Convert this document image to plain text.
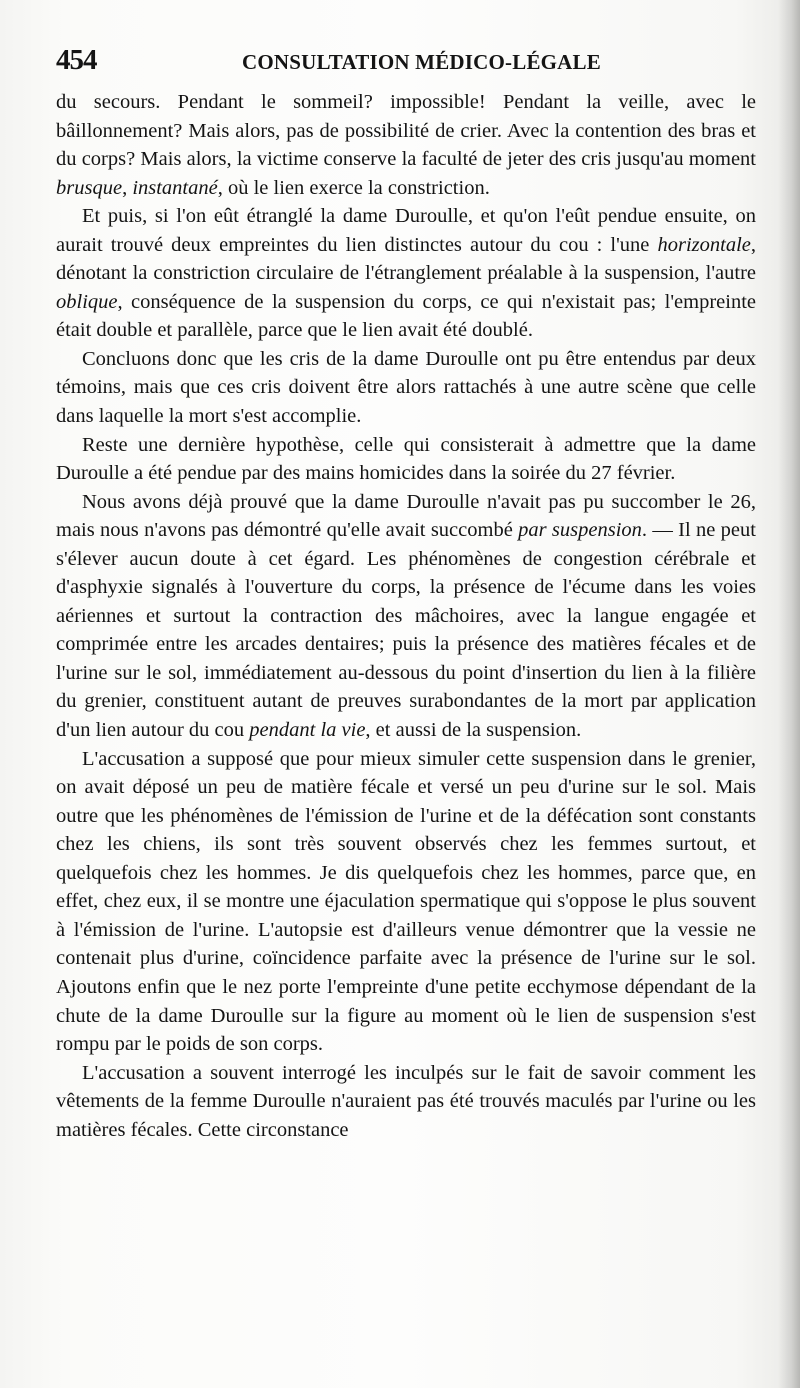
454	CONSULTATION MÉDICO-LÉGALE

du secours. Pendant le sommeil? impossible! Pendant la veille, avec le bâillonnement? Mais alors, pas de possibilité de crier. Avec la contention des bras et du corps? Mais alors, la victime conserve la faculté de jeter des cris jusqu'au moment brusque, instantané, où le lien exerce la constriction.

Et puis, si l'on eût étranglé la dame Duroulle, et qu'on l'eût pendue ensuite, on aurait trouvé deux empreintes du lien distinctes autour du cou : l'une horizontale, dénotant la constriction circulaire de l'étranglement préalable à la suspension, l'autre oblique, conséquence de la suspension du corps, ce qui n'existait pas; l'empreinte était double et parallèle, parce que le lien avait été doublé.

Concluons donc que les cris de la dame Duroulle ont pu être entendus par deux témoins, mais que ces cris doivent être alors rattachés à une autre scène que celle dans laquelle la mort s'est accomplie.

Reste une dernière hypothèse, celle qui consisterait à admettre que la dame Duroulle a été pendue par des mains homicides dans la soirée du 27 février.

Nous avons déjà prouvé que la dame Duroulle n'avait pas pu succomber le 26, mais nous n'avons pas démontré qu'elle avait succombé par suspension. — Il ne peut s'élever aucun doute à cet égard. Les phénomènes de congestion cérébrale et d'asphyxie signalés à l'ouverture du corps, la présence de l'écume dans les voies aériennes et surtout la contraction des mâchoires, avec la langue engagée et comprimée entre les arcades dentaires; puis la présence des matières fécales et de l'urine sur le sol, immédiatement au-dessous du point d'insertion du lien à la filière du grenier, constituent autant de preuves surabondantes de la mort par application d'un lien autour du cou pendant la vie, et aussi de la suspension.

L'accusation a supposé que pour mieux simuler cette suspension dans le grenier, on avait déposé un peu de matière fécale et versé un peu d'urine sur le sol. Mais outre que les phénomènes de l'émission de l'urine et de la défécation sont constants chez les chiens, ils sont très souvent observés chez les femmes surtout, et quelquefois chez les hommes. Je dis quelquefois chez les hommes, parce que, en effet, chez eux, il se montre une éjaculation spermatique qui s'oppose le plus souvent à l'émission de l'urine. L'autopsie est d'ailleurs venue démontrer que la vessie ne contenait plus d'urine, coïncidence parfaite avec la présence de l'urine sur le sol. Ajoutons enfin que le nez porte l'empreinte d'une petite ecchymose dépendant de la chute de la dame Duroulle sur la figure au moment où le lien de suspension s'est rompu par le poids de son corps.

L'accusation a souvent interrogé les inculpés sur le fait de savoir comment les vêtements de la femme Duroulle n'auraient pas été trouvés maculés par l'urine ou les matières fécales. Cette circonstance
